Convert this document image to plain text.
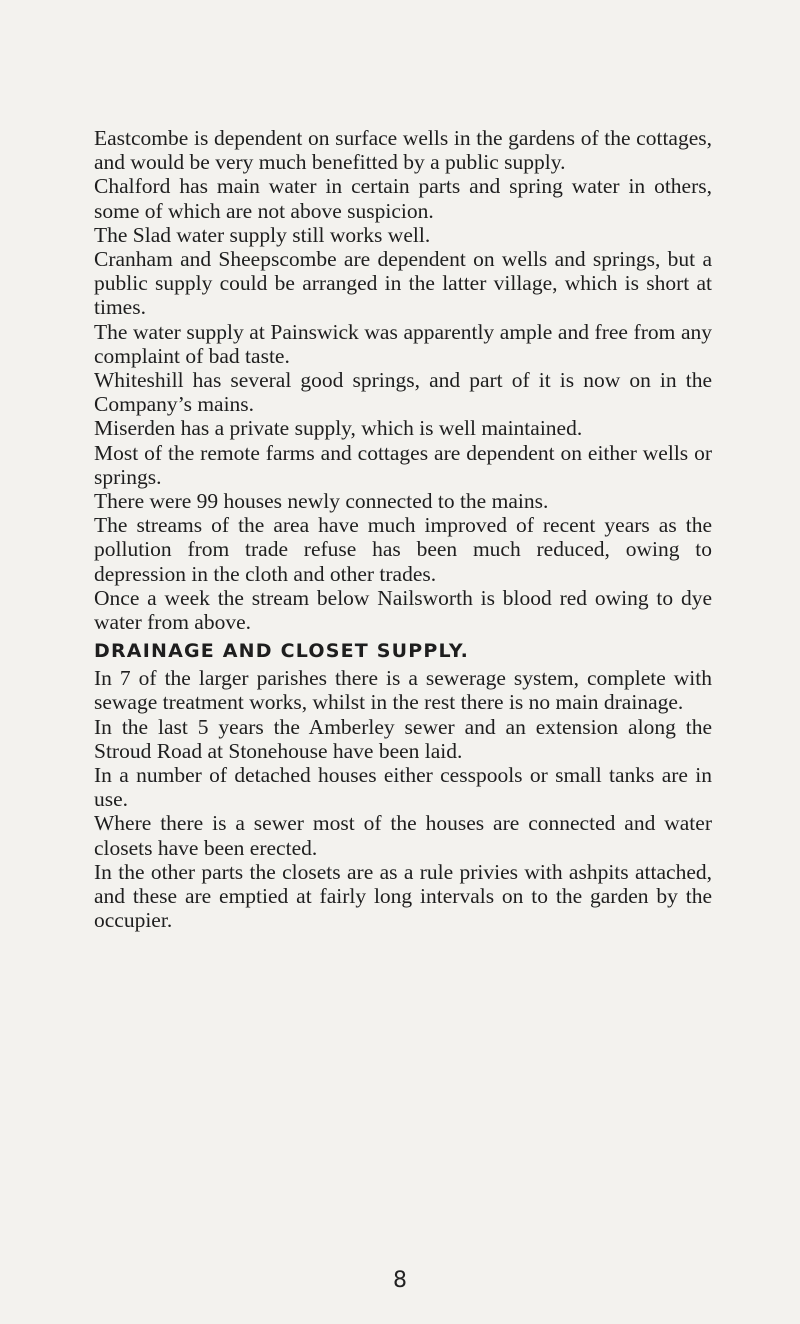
Eastcombe is dependent on surface wells in the gardens of the cottages, and would be very much benefitted by a public supply.

Chalford has main water in certain parts and spring water in others, some of which are not above suspicion.

The Slad water supply still works well.

Cranham and Sheepscombe are dependent on wells and springs, but a public supply could be arranged in the latter village, which is short at times.

The water supply at Painswick was apparently ample and free from any complaint of bad taste.

Whiteshill has several good springs, and part of it is now on in the Company’s mains.

Miserden has a private supply, which is well maintained.

Most of the remote farms and cottages are dependent on either wells or springs.

There were 99 houses newly connected to the mains.

The streams of the area have much improved of recent years as the pollution from trade refuse has been much reduced, owing to depression in the cloth and other trades.

Once a week the stream below Nailsworth is blood red owing to dye water from above.

DRAINAGE AND CLOSET SUPPLY.

In 7 of the larger parishes there is a sewerage system, complete with sewage treatment works, whilst in the rest there is no main drainage.

In the last 5 years the Amberley sewer and an extension along the Stroud Road at Stonehouse have been laid.

In a number of detached houses either cesspools or small tanks are in use.

Where there is a sewer most of the houses are connected and water closets have been erected.

In the other parts the closets are as a rule privies with ashpits attached, and these are emptied at fairly long intervals on to the garden by the occupier.

8
